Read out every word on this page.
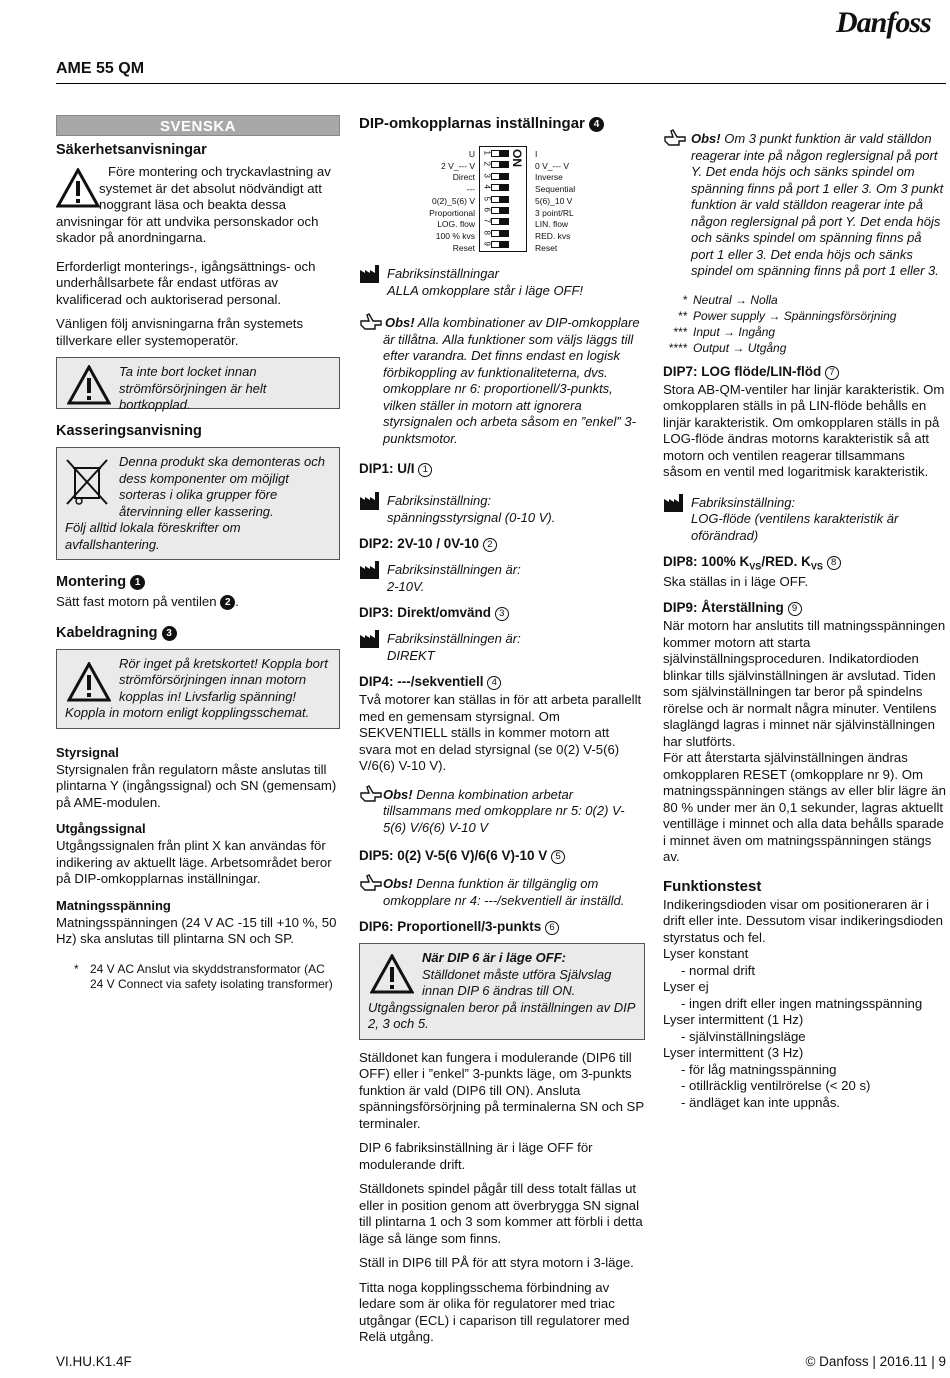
Danfoss
AME 55 QM
SVENSKA
Säkerhetsanvisningar

Före montering och tryckavlastning av

systemet är det absolut nödvändigt att

noggrant läsa och beakta dessa

anvisningar för att undvika personskador och skador på anordningarna.

Erforderligt monterings-, igångsättnings- och underhållsarbete får endast utföras av kvalificerad och auktoriserad personal.

Vänligen följ anvisningarna från systemets tillverkare eller systemoperatör.

Ta inte bort locket innan strömförsörjningen är helt bortkopplad.
Kasseringsanvisning
Denna produkt ska demonteras och dess komponenter om möjligt sorteras i olika grupper före återvinning eller kassering.
Följ alltid lokala föreskrifter om avfallshantering.
Montering 1

Sätt fast motorn på ventilen 2 .

Kabeldragning 3
Rör inget på kretskortet! Koppla bort strömförsörjningen innan motorn kopplas in! Livsfarlig spänning!
Koppla in motorn enligt kopplingsschemat.
Styrsignal

Styrsignalen från regulatorn måste anslutas till plintarna Y (ingångssignal) och SN (gemensam) på AME-modulen.

Utgångssignal

Utgångssignalen från plint X kan användas för indikering av aktuellt läge. Arbetsområdet beror på DIP-omkopplarnas inställningar.

Matningsspänning

Matningsspänningen (24 V AC -15 till +10 %, 50 Hz) ska anslutas till plintarna SN och SP.

* 24 V AC Anslut via skyddstransformator (AC 24 V Connect via safety isolating transformer)
DIP-omkopplarnas inställningar 4
U
2 V_--- V
Direct
---
0(2)_5(6) V
Proportional
LOG. flow
100 % kvs
Reset
1
2
3
4
5
6
7
8
9
ON I
0 V_--- V
Inverse
Sequential
5(6)_10 V
3 point/RL
LIN. flow
RED. kvs
Reset
Fabriksinställningar
ALLA omkopplare står i läge OFF!
Obs! Alla kombinationer av DIP-omkopplare är tillåtna. Alla funktioner som väljs läggs till efter varandra. Det finns endast en logisk förbikoppling av funktionaliteterna, dvs. omkopplare nr 6: proportionell/3-punkts, vilken ställer in motorn att ignorera styrsignalen och arbeta såsom en ”enkel” 3-punktsmotor.
DIP1: U/I 1
Fabriksinställning:
spänningsstyrsignal (0-10 V).
DIP2: 2V-10 / 0V-10 2
Fabriksinställningen är:
2-10V.
DIP3: Direkt/omvänd 3
Fabriksinställningen är:
DIREKT
DIP4: ---/sekventiell 4

Två motorer kan ställas in för att arbeta parallellt med en gemensam styrsignal. Om SEKVENTIELL ställs in kommer motorn att svara mot en delad styrsignal (se 0(2) V-5(6) V/6(6) V-10 V).

Obs! Denna kombination arbetar tillsammans med omkopplare nr 5: 0(2) V-5(6) V/6(6) V-10 V
DIP5: 0(2) V-5(6 V)/6(6 V)-10 V 5
Obs! Denna funktion är tillgänglig om omkopplare nr 4: ---/sekventiell är inställd.
DIP6: Proportionell/3-punkts 6
När DIP 6 är i läge OFF:
Ställdonet måste utföra Självslag innan DIP 6 ändras till ON.
Utgångssignalen beror på inställningen av DIP 2, 3 och 5.

Ställdonet kan fungera i modulerande (DIP6 till OFF) eller i ”enkel” 3-punkts läge, om 3-punkts funktion är vald (DIP6 till ON). Ansluta spänningsförsörjning på terminalerna SN och SP terminaler.

DIP 6 fabriksinställning är i läge OFF för modulerande drift.

Ställdonets spindel pågår till dess totalt fällas ut eller in position genom att överbrygga SN signal till plintarna 1 och 3 som kommer att förbli i detta läge så länge som finns.

Ställ in DIP6 till PÅ för att styra motorn i 3-läge.

Titta noga kopplingsschema förbindning av ledare som är olika för regulatorer med triac utgångar (ECL) i caparison till regulatorer med Relä utgång.

Obs! Om 3 punkt funktion är vald ställdon reagerar inte på någon reglersignal på port Y. Det enda höjs och sänks spindel om spänning finns på port 1 eller 3. Om 3 punkt funktion är vald ställdon reagerar inte på någon reglersignal på port Y. Det enda höjs och sänks spindel om spänning finns på port 1 eller 3. Det enda höjs och sänks spindel om spänning finns på port 1 eller 3.
* Neutral → Nolla
** Power supply → Spänningsförsörjning
*** Input → Ingång
**** Output → Utgång
DIP7: LOG flöde/LIN-flöd 7

Stora AB-QM-ventiler har linjär karakteristik. Om omkopplaren ställs in på LIN-flöde behålls en linjär karakteristik. Om omkopplaren ställs in på LOG-flöde ändras motorns karakteristik så att motorn och ventilen reagerar tillsammans såsom en ventil med logaritmisk karakteristik.

Fabriksinställning:
LOG-flöde (ventilens karakteristik är oförändrad)
DIP8: 100% $K_{VS}$/RED. $K_{VS}$ 8

Ska ställas in i läge OFF.

DIP9: Återställning 9

När motorn har anslutits till matningsspänningen kommer motorn att starta självinställningsproceduren. Indikatordioden blinkar tills självinställningen är avslutad. Tiden som självinställningen tar beror på spindelns rörelse och är normalt några minuter. Ventilens slaglängd lagras i minnet när självinställningen har slutförts.

För att återstarta självinställningen ändras omkopplaren RESET (omkopplare nr 9). Om matningsspänningen stängs av eller blir lägre än 80 % under mer än 0,1 sekunder, lagras aktuellt ventilläge i minnet och alla data behålls sparade i minnet även om matningsspänningen stängs av.

Funktionstest

Indikeringsdioden visar om positioneraren är i drift eller inte. Dessutom visar indikeringsdioden styrstatus och fel.

Lyser konstant
- normal drift
Lyser ej
- ingen drift eller ingen matningsspänning
Lyser intermittent (1 Hz)
- självinställningsläge
Lyser intermittent (3 Hz)
- för låg matningsspänning
- otillräcklig ventilrörelse (< 20 s)
- ändläget kan inte uppnås.
VI.HU.K1.4F	© Danfoss | 2016.11 | 9
